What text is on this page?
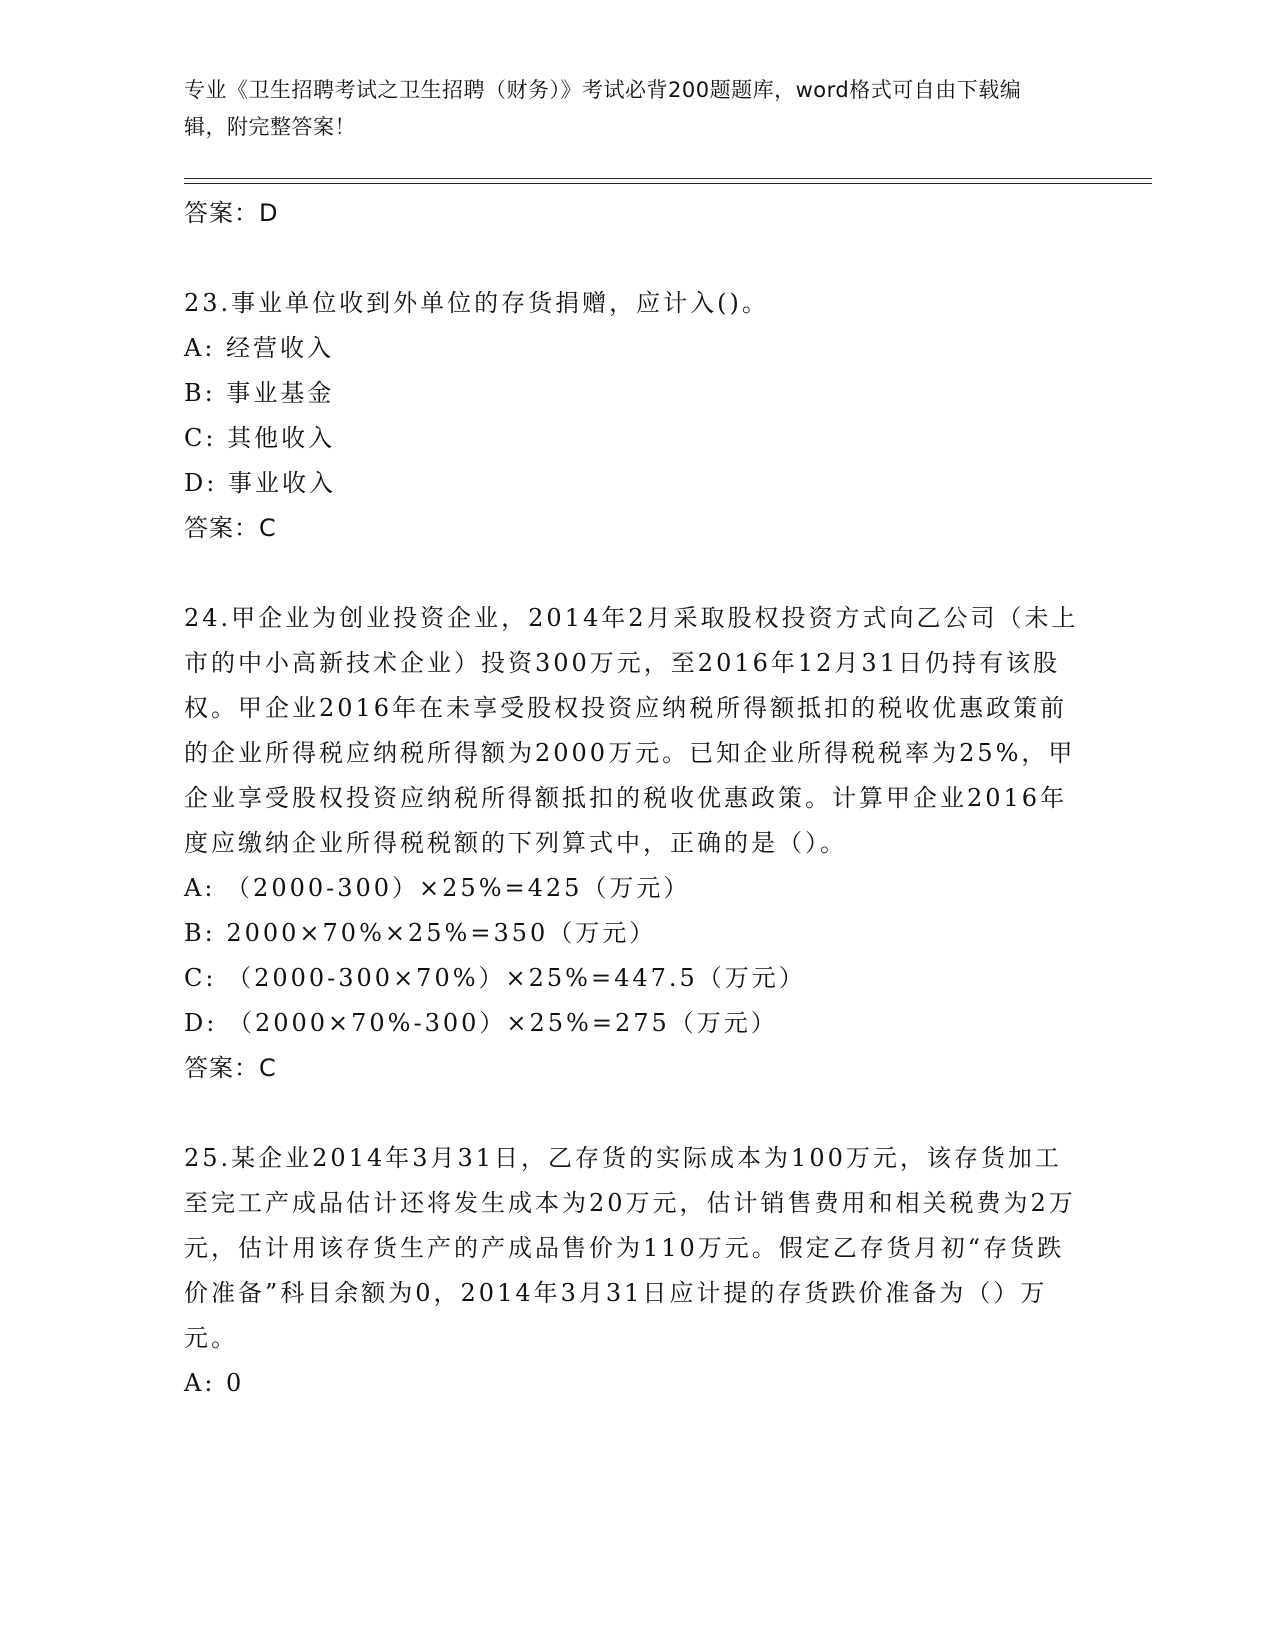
专业《卫生招聘考试之卫生招聘（财务）》考试必背200题题库，word格式可自由下载编辑，附完整答案！
答案：D
23.事业单位收到外单位的存货捐赠，应计入()。
A: 经营收入
B: 事业基金
C: 其他收入
D: 事业收入
答案：C
24.甲企业为创业投资企业，2014年2月采取股权投资方式向乙公司（未上市的中小高新技术企业）投资300万元，至2016年12月31日仍持有该股权。甲企业2016年在未享受股权投资应纳税所得额抵扣的税收优惠政策前的企业所得税应纳税所得额为2000万元。已知企业所得税税率为25%，甲企业享受股权投资应纳税所得额抵扣的税收优惠政策。计算甲企业2016年度应缴纳企业所得税税额的下列算式中，正确的是（）。
A: （2000-300）×25%=425（万元）
B: 2000×70%×25%=350（万元）
C: （2000-300×70%）×25%=447.5（万元）
D: （2000×70%-300）×25%=275（万元）
答案：C
25.某企业2014年3月31日，乙存货的实际成本为100万元，该存货加工至完工产成品估计还将发生成本为20万元，估计销售费用和相关税费为2万元，估计用该存货生产的产成品售价为110万元。假定乙存货月初“存货跌价准备”科目余额为0，2014年3月31日应计提的存货跌价准备为（）万元。
A: 0
